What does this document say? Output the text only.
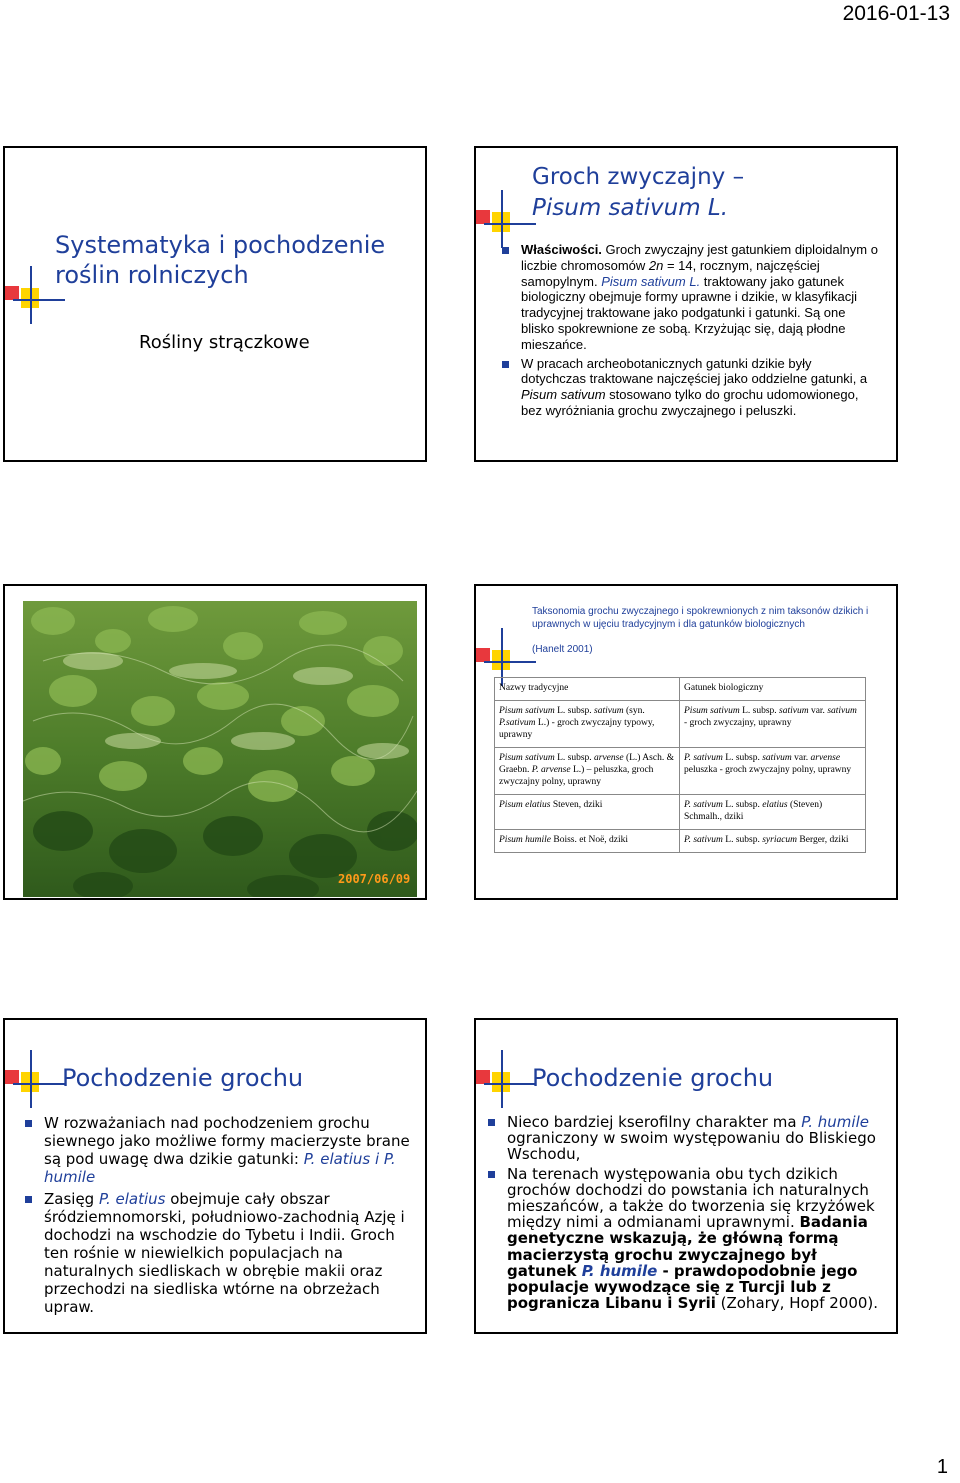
2016-01-13
Systematyka i pochodzenie
roślin rolniczych
Rośliny strączkowe
Groch zwyczajny –
Pisum sativum L.
Właściwości. Groch zwyczajny jest gatunkiem diploidalnym o liczbie chromosomów 2n = 14, rocznym, najczęściej samopylnym. Pisum sativum L. traktowany jako gatunek biologiczny obejmuje formy uprawne i dzikie, w klasyfikacji tradycyjnej traktowane jako podgatunki i gatunki. Są one blisko spokrewnione ze sobą. Krzyżując się, dają płodne mieszańce.
W pracach archeobotanicznych gatunki dzikie były dotychczas traktowane najczęściej jako oddzielne gatunki, a Pisum sativum stosowano tylko do grochu udomowionego, bez wyróżniania grochu zwyczajnego i peluszki.
2007/06/09
Taksonomia grochu zwyczajnego i spokrewnionych z nim taksonów dzikich i uprawnych w ujęciu tradycyjnym i dla gatunków biologicznych
(Hanelt 2001)
Nazwy tradycyjne	Gatunek biologiczny
Pisum sativum L. subsp. sativum (syn. P.sativum L.) - groch zwyczajny typowy, uprawny	Pisum sativum L. subsp. sativum var. sativum - groch zwyczajny, uprawny
Pisum sativum L. subsp. arvense (L.) Asch. & Graebn. P. arvense L.) – peluszka, groch zwyczajny polny, uprawny	P. sativum L. subsp. sativum var. arvense peluszka - groch zwyczajny polny, uprawny
Pisum elatius Steven, dziki	P. sativum L. subsp. elatius (Steven) Schmalh., dziki
Pisum humile Boiss. et Noë, dziki	P. sativum L. subsp. syriacum Berger, dziki
Pochodzenie grochu
W rozważaniach nad pochodzeniem grochu siewnego jako możliwe formy macierzyste brane są pod uwagę dwa dzikie gatunki: P. elatius i P. humile
Zasięg P. elatius obejmuje cały obszar śródziemnomorski, południowo-zachodnią Azję i dochodzi na wschodzie do Tybetu i Indii. Groch ten rośnie w niewielkich populacjach na naturalnych siedliskach w obrębie makii oraz przechodzi na siedliska wtórne na obrzeżach upraw.
Pochodzenie grochu
Nieco bardziej kserofilny charakter ma P. humile ograniczony w swoim występowaniu do Bliskiego Wschodu,
Na terenach występowania obu tych dzikich grochów dochodzi do powstania ich naturalnych mieszańców, a także do tworzenia się krzyżówek między nimi a odmianami uprawnymi. Badania genetyczne wskazują, że główną formą macierzystą grochu zwyczajnego był gatunek P. humile - prawdopodobnie jego populacje wywodzące się z Turcji lub z pogranicza Libanu i Syrii (Zohary, Hopf 2000).
1
